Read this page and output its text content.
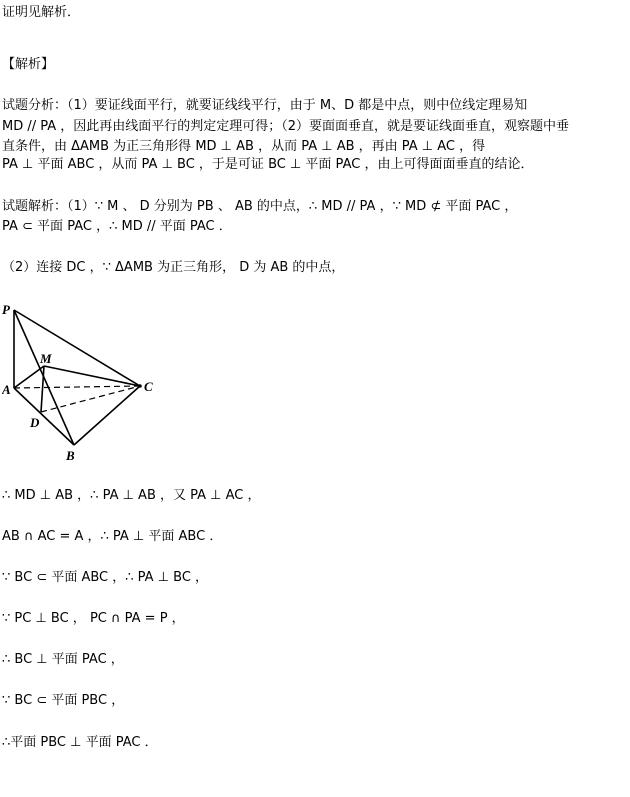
证明见解析．
【解析】
试题分析：（1）要证线面平行，就要证线线平行，由于 M、D 都是中点，则中位线定理易知
MD // PA ，因此再由线面平行的判定定理可得；（2）要面面垂直，就是要证线面垂直，观察题中垂
直条件，由 ΔAMB 为正三角形得 MD ⊥ AB ，从而 PA ⊥ AB ，再由 PA ⊥ AC ，得
PA ⊥ 平面 ABC ，从而 PA ⊥ BC ，于是可证 BC ⊥ 平面 PAC ，由上可得面面垂直的结论．
试题解析：（1）∵ M 、 D 分别为 PB 、 AB 的中点，∴ MD // PA ，∵ MD ⊄ 平面 PAC ，
PA ⊂ 平面 PAC ，∴ MD // 平面 PAC ．
（2）连接 DC ，∵ ΔAMB 为正三角形， D 为 AB 的中点，
P
M
A	C
D
B
∴ MD ⊥ AB ，∴ PA ⊥ AB ，又 PA ⊥ AC ，
AB ∩ AC = A ，∴ PA ⊥ 平面 ABC ．
∵ BC ⊂ 平面 ABC ，∴ PA ⊥ BC ，
∵ PC ⊥ BC ， PC ∩ PA = P ，
∴ BC ⊥ 平面 PAC ，
∵ BC ⊂ 平面 PBC ，
∴平面 PBC ⊥ 平面 PAC ．
